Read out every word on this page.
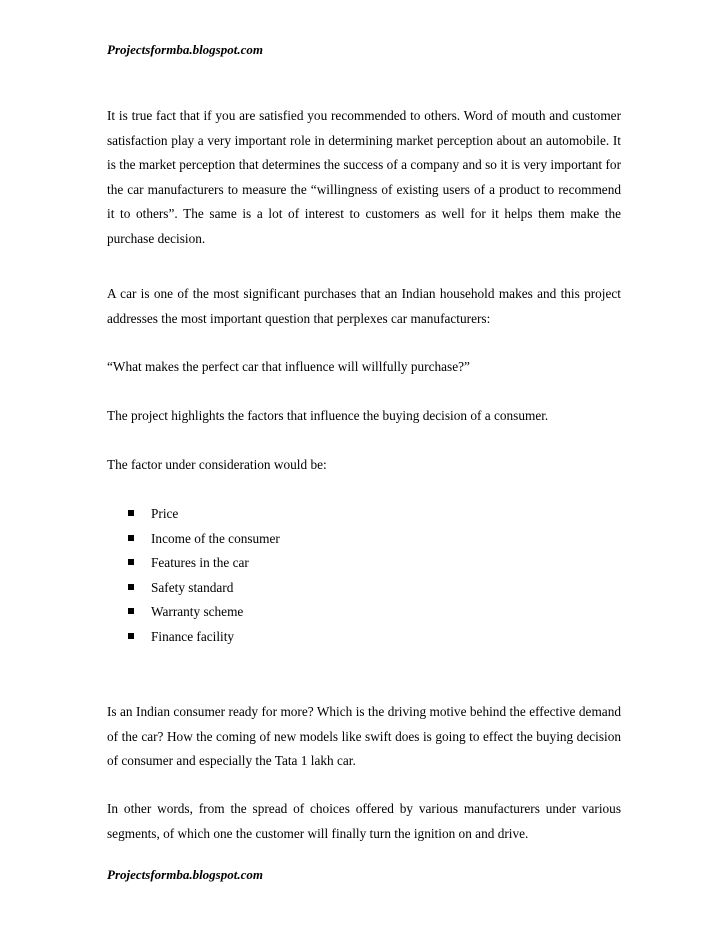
Projectsformba.blogspot.com

It is true fact that if you are satisfied you recommended to others. Word of mouth and customer satisfaction play a very important role in determining market perception about an automobile. It is the market perception that determines the success of a company and so it is very important for the car manufacturers to measure the “willingness of existing users of a product to recommend it to others”. The same is a lot of interest to customers as well for it helps them make the purchase decision.

A car is one of the most significant purchases that an Indian household makes and this project addresses the most important question that perplexes car manufacturers:

“What makes the perfect car that influence will willfully purchase?”

The project highlights the factors that influence the buying decision of a consumer.

The factor under consideration would be:

Price
Income of the consumer
Features in the car
Safety standard
Warranty scheme
Finance facility

Is an Indian consumer ready for more? Which is the driving motive behind the effective demand of the car? How the coming of new models like swift does is going to effect the buying decision of consumer and especially the Tata 1 lakh car.

In other words, from the spread of choices offered by various manufacturers under various segments, of which one the customer will finally turn the ignition on and drive.

Projectsformba.blogspot.com
